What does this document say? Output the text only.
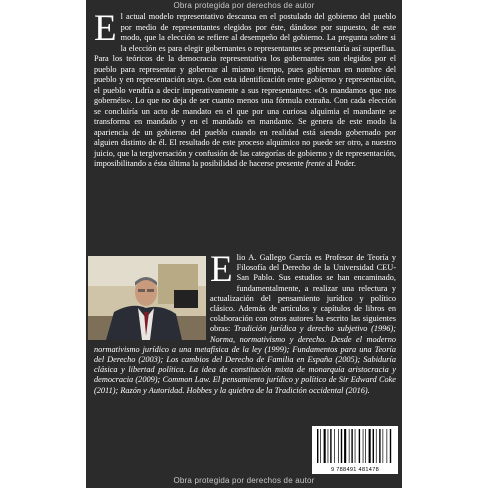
Obra protegida por derechos de autor
El actual modelo representativo descansa en el postulado del gobierno del pueblo por medio de representantes elegidos por éste, dándose por supuesto, de este modo, que la elección se refiere al desempeño del gobierno. La pregunta sobre si la elección es para elegir gobernantes o representantes se presentaría así superflua. Para los teóricos de la democracia representativa los gobernantes son elegidos por el pueblo para representar y gobernar al mismo tiempo, pues gobiernan en nombre del pueblo y en representación suya. Con esta identificación entre gobierno y representación, el pueblo vendría a decir imperativamente a sus representantes: «Os mandamos que nos gobernéis». Lo que no deja de ser cuanto menos una fórmula extraña. Con cada elección se concluiría un acto de mandato en el que por una curiosa alquimia el mandante se transforma en mandado y en el mandado en mandante. Se genera de este modo la apariencia de un gobierno del pueblo cuando en realidad está siendo gobernado por alguien distinto de él. El resultado de este proceso alquímico no puede ser otro, a nuestro juicio, que la tergiversación y confusión de las categorías de gobierno y de representación, imposibilitando a ésta última la posibilidad de hacerse presente frente al Poder.
Elio A. Gallego García es Profesor de Teoría y Filosofía del Derecho de la Universidad CEU-San Pablo. Sus estudios se han encaminado, fundamentalmente, a realizar una relectura y actualización del pensamiento jurídico y político clásico. Además de artículos y capítulos de libros en colaboración con otros autores ha escrito las siguientes obras: Tradición jurídica y derecho subjetivo (1996); Norma, normativismo y derecho. Desde el moderno normativismo jurídico a una metafísica de la ley (1999); Fundamentos para una Teoría del Derecho (2003); Los cambios del Derecho de Familia en España (2005); Sabiduría clásica y libertad política. La idea de constitución mixta de monarquía aristocracia y democracia (2009); Common Law. El pensamiento jurídico y político de Sir Edward Coke (2011); Razón y Autoridad. Hobbes y la quiebra de la Tradición occidental (2016).
9 788491 481478
Obra protegida por derechos de autor
